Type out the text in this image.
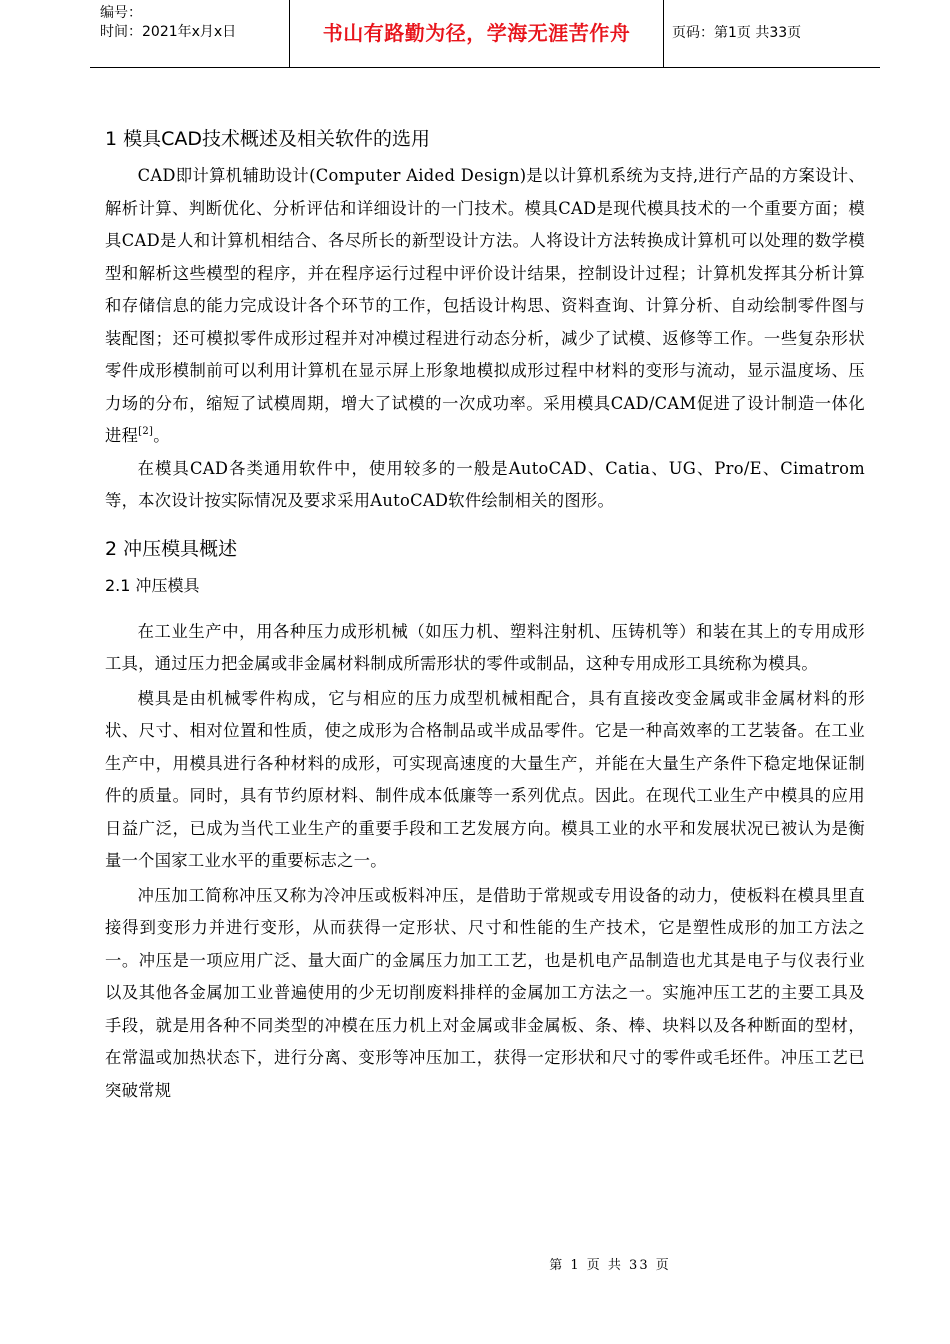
编号：
时间：2021年x月x日	书山有路勤为径，学海无涯苦作舟	页码：第1页 共33页
1 模具CAD技术概述及相关软件的选用

CAD即计算机辅助设计(Computer Aided Design)是以计算机系统为支持,进行产品的方案设计、解析计算、判断优化、分析评估和详细设计的一门技术。模具CAD是现代模具技术的一个重要方面；模具CAD是人和计算机相结合、各尽所长的新型设计方法。人将设计方法转换成计算机可以处理的数学模型和解析这些模型的程序，并在程序运行过程中评价设计结果，控制设计过程；计算机发挥其分析计算和存储信息的能力完成设计各个环节的工作，包括设计构思、资料查询、计算分析、自动绘制零件图与装配图；还可模拟零件成形过程并对冲模过程进行动态分析，减少了试模、返修等工作。一些复杂形状零件成形模制前可以利用计算机在显示屏上形象地模拟成形过程中材料的变形与流动，显示温度场、压力场的分布，缩短了试模周期，增大了试模的一次成功率。采用模具CAD/CAM促进了设计制造一体化进程[2]。

在模具CAD各类通用软件中，使用较多的一般是AutoCAD、Catia、UG、Pro/E、Cimatrom等，本次设计按实际情况及要求采用AutoCAD软件绘制相关的图形。

2 冲压模具概述
2.1 冲压模具

在工业生产中，用各种压力成形机械（如压力机、塑料注射机、压铸机等）和装在其上的专用成形工具，通过压力把金属或非金属材料制成所需形状的零件或制品，这种专用成形工具统称为模具。

模具是由机械零件构成，它与相应的压力成型机械相配合，具有直接改变金属或非金属材料的形状、尺寸、相对位置和性质，使之成形为合格制品或半成品零件。它是一种高效率的工艺装备。在工业生产中，用模具进行各种材料的成形，可实现高速度的大量生产，并能在大量生产条件下稳定地保证制件的质量。同时，具有节约原材料、制件成本低廉等一系列优点。因此。在现代工业生产中模具的应用日益广泛，已成为当代工业生产的重要手段和工艺发展方向。模具工业的水平和发展状况已被认为是衡量一个国家工业水平的重要标志之一。

冲压加工简称冲压又称为冷冲压或板料冲压，是借助于常规或专用设备的动力，使板料在模具里直接得到变形力并进行变形，从而获得一定形状、尺寸和性能的生产技术，它是塑性成形的加工方法之一。冲压是一项应用广泛、量大面广的金属压力加工工艺，也是机电产品制造也尤其是电子与仪表行业以及其他各金属加工业普遍使用的少无切削废料排样的金属加工方法之一。实施冲压工艺的主要工具及手段，就是用各种不同类型的冲模在压力机上对金属或非金属板、条、棒、块料以及各种断面的型材，在常温或加热状态下，进行分离、变形等冲压加工，获得一定形状和尺寸的零件或毛坯件。冲压工艺已突破常规

第 1 页 共 33 页
